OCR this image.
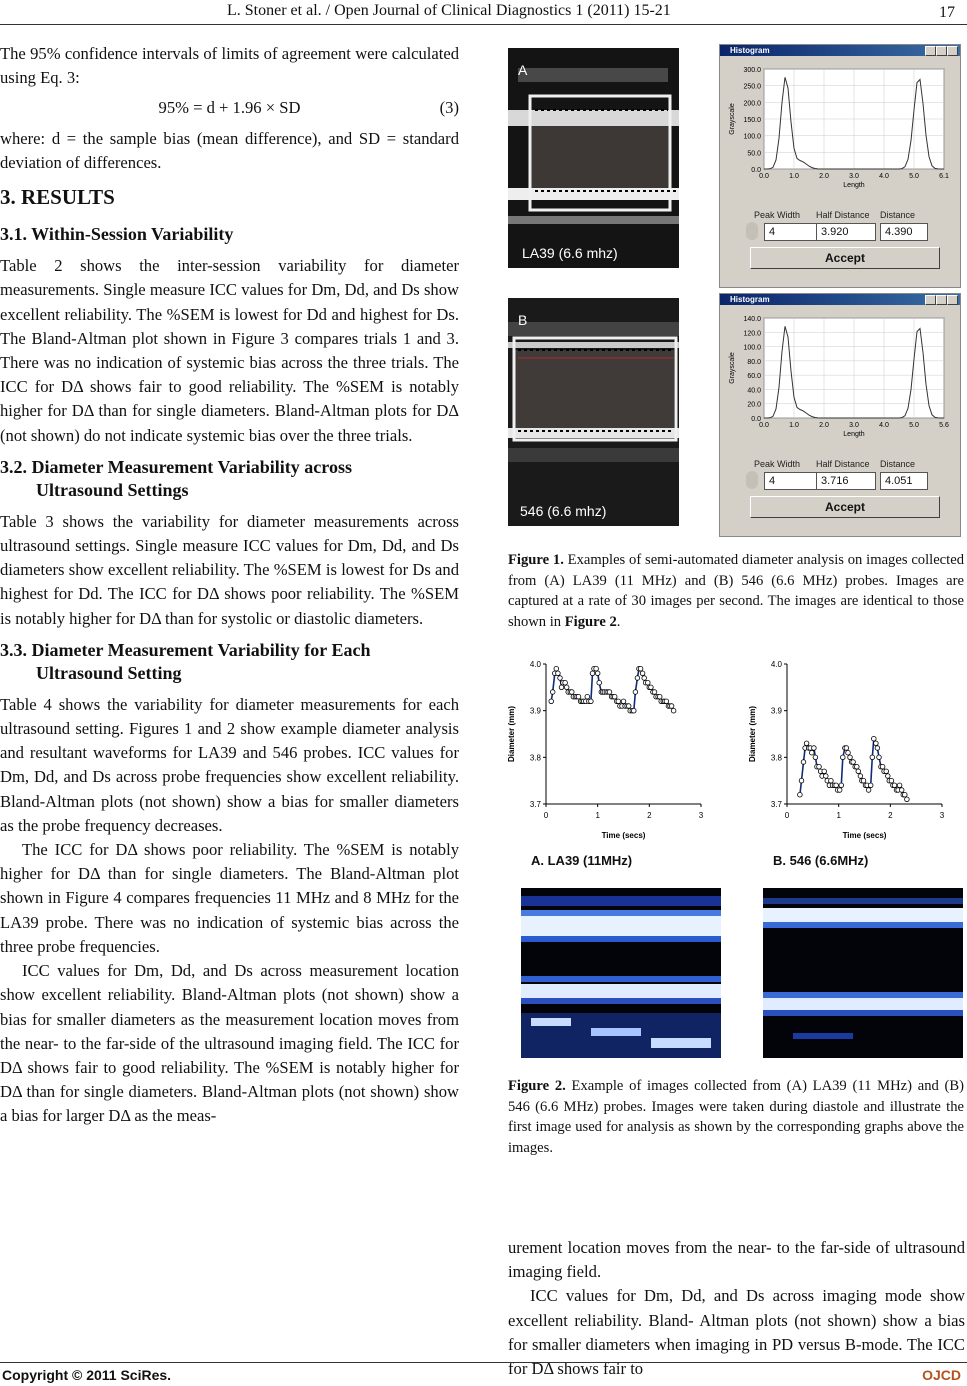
L. Stoner et al. / Open Journal of Clinical Diagnostics 1 (2011) 15-21	17

The 95% confidence intervals of limits of agreement were calculated using Eq. 3:

95% = d + 1.96 × SD	(3)

where: d = the sample bias (mean difference), and SD = standard deviation of differences.

3. RESULTS
3.1. Within-Session Variability

Table 2 shows the inter-session variability for diameter measurements. Single measure ICC values for Dm, Dd, and Ds show excellent reliability. The %SEM is lowest for Dd and highest for Ds. The Bland-Altman plot shown in Figure 3 compares trials 1 and 3. There was no indication of systemic bias across the three trials. The ICC for DΔ shows fair to good reliability. The %SEM is notably higher for DΔ than for single diameters. Bland-Altman plots for DΔ (not shown) do not indicate systemic bias over the three trials.

3.2. Diameter Measurement Variability across
Ultrasound Settings

Table 3 shows the variability for diameter measurements across ultrasound settings. Single measure ICC values for Dm, Dd, and Ds diameters show excellent reliability. The %SEM is lowest for Ds and highest for Dd. The ICC for DΔ shows poor reliability. The %SEM is notably higher for DΔ than for systolic or diastolic diameters.

3.3. Diameter Measurement Variability for Each
Ultrasound Setting

Table 4 shows the variability for diameter measurements for each ultrasound setting. Figures 1 and 2 show example diameter analysis and resultant waveforms for LA39 and 546 probes. ICC values for Dm, Dd, and Ds across probe frequencies show excellent reliability. Bland-Altman plots (not shown) show a bias for smaller diameters as the probe frequency decreases.

The ICC for DΔ shows poor reliability. The %SEM is notably higher for DΔ than for single diameters. The Bland-Altman plot shown in Figure 4 compares frequencies 11 MHz and 8 MHz for the LA39 probe. There was no indication of systemic bias across the three probe frequencies.

ICC values for Dm, Dd, and Ds across measurement location show excellent reliability. Bland-Altman plots (not shown) show a bias for smaller diameters as the measurement location moves from the near- to the far-side of the ultrasound imaging field. The ICC for DΔ shows fair to good reliability. The %SEM is notably higher for DΔ than for single diameters. Bland-Altman plots (not shown) show a bias for larger DΔ as the meas-

A
LA39 (6.6 mhz)
Histogram
300.0
250.0
200.0
150.0
100.0
50.0
0.0
0.0	1.0	2.0	3.0	4.0	5.0	6.1
Length
Grayscale
Peak Width Half Distance Distance
4	3.920	4.390
Accept
B
546 (6.6 mhz)
Histogram
140.0
120.0
100.0
80.0
60.0
40.0
20.0
0.0
0.0	1.0	2.0	3.0	4.0	5.0	5.6
Length
Grayscale
Peak Width Half Distance Distance
4	3.716	4.051
Accept
Figure 1. Examples of semi-automated diameter analysis on images collected from (A) LA39 (11 MHz) and (B) 546 (6.6 MHz) probes. Images are captured at a rate of 30 images per second. The images are identical to those shown in Figure 2.
4.0
3.9
3.8
3.7
0	1	2	3
Time (secs)
Diameter (mm)
4.0
3.9
3.8
3.7
0	1	2	3
Time (secs)
Diameter (mm)
A. LA39 (11MHz)	B. 546 (6.6MHz)
Figure 2. Example of images collected from (A) LA39 (11 MHz) and (B) 546 (6.6 MHz) probes. Images were taken during diastole and illustrate the first image used for analysis as shown by the corresponding graphs above the images.

urement location moves from the near- to the far-side of ultrasound imaging field.

ICC values for Dm, Dd, and Ds across imaging mode show excellent reliability. Bland- Altman plots (not shown) show a bias for smaller diameters when imaging in PD versus B-mode. The ICC for DΔ shows fair to

Copyright © 2011 SciRes.	OJCD
